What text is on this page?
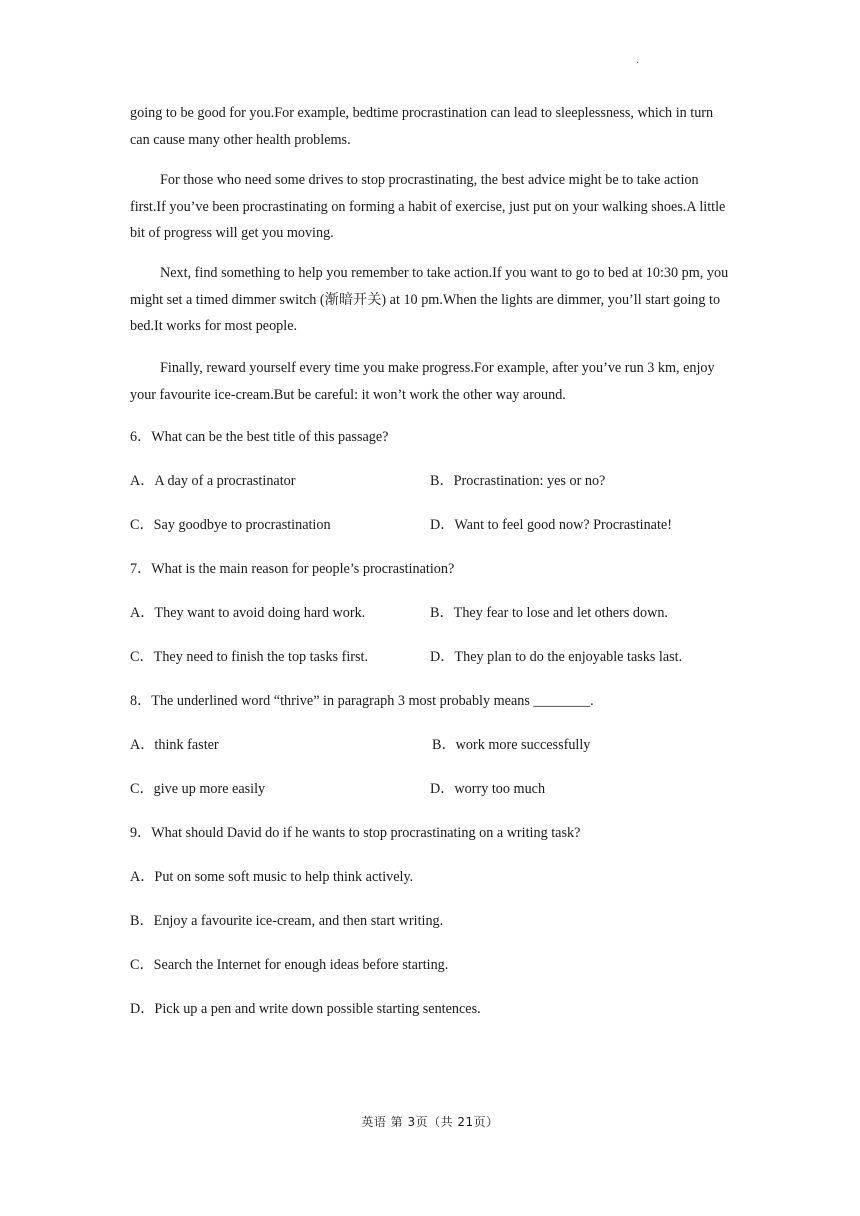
·

going to be good for you.For example, bedtime procrastination can lead to sleeplessness, which in turn can cause many other health problems.

For those who need some drives to stop procrastinating, the best advice might be to take action first.If you’ve been procrastinating on forming a habit of exercise, just put on your walking shoes.A little bit of progress will get you moving.

Next, find something to help you remember to take action.If you want to go to bed at 10:30 pm, you might set a timed dimmer switch (渐暗开关) at 10 pm.When the lights are dimmer, you’ll start going to bed.It works for most people.

Finally, reward yourself every time you make progress.For example, after you’ve run 3 km, enjoy your favourite ice-cream.But be careful: it won’t work the other way around.

6．What can be the best title of this passage?
A．A day of a procrastinator	B．Procrastination: yes or no?
C．Say goodbye to procrastination	D．Want to feel good now? Procrastinate!
7．What is the main reason for people’s procrastination?
A．They want to avoid doing hard work.	B．They fear to lose and let others down.
C．They need to finish the top tasks first.	D．They plan to do the enjoyable tasks last.
8．The underlined word “thrive” in paragraph 3 most probably means ________.
A．think faster	B．work more successfully
C．give up more easily	D．worry too much
9．What should David do if he wants to stop procrastinating on a writing task?
A．Put on some soft music to help think actively.
B．Enjoy a favourite ice-cream, and then start writing.
C．Search the Internet for enough ideas before starting.
D．Pick up a pen and write down possible starting sentences.
英语 第 3页（共 21页）
